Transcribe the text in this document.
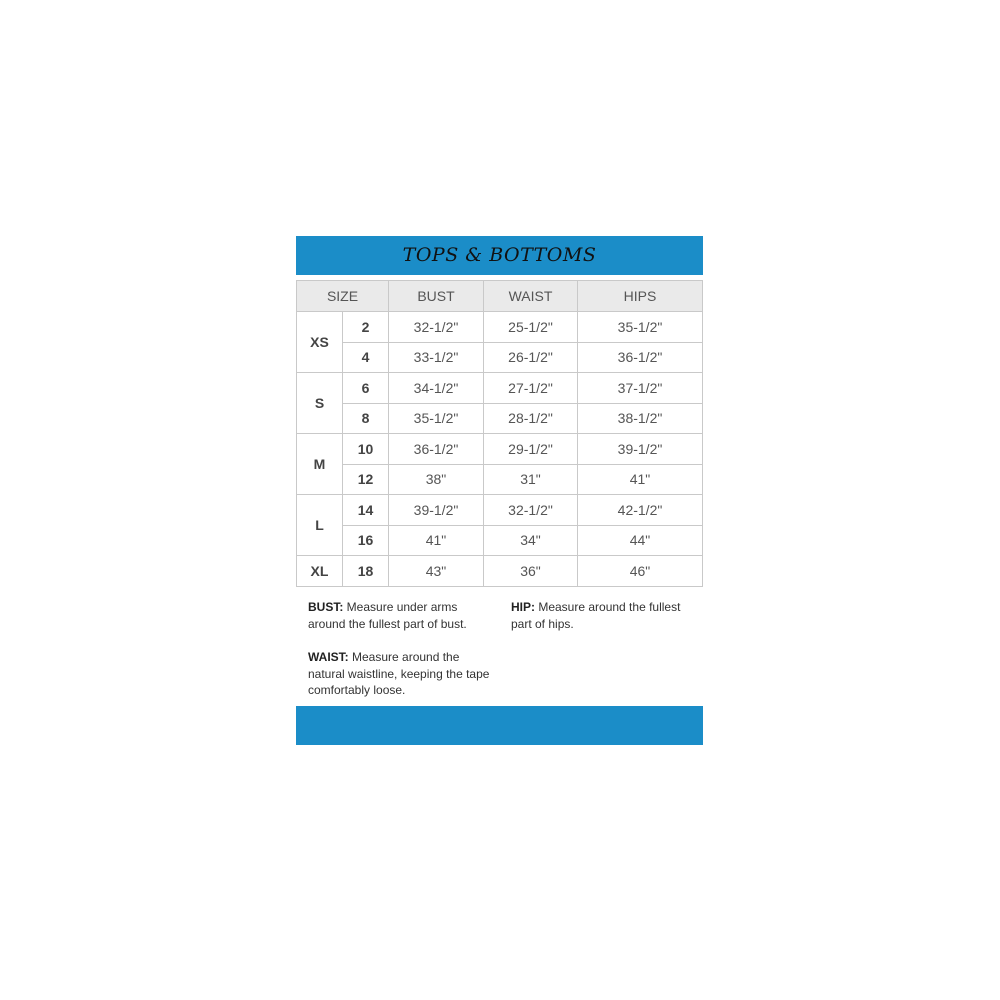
TOPS & BOTTOMS
SIZE		BUST	WAIST	HIPS
XS	2	32-1/2"	25-1/2"	35-1/2"
	4	33-1/2"	26-1/2"	36-1/2"
S	6	34-1/2"	27-1/2"	37-1/2"
	8	35-1/2"	28-1/2"	38-1/2"
M	10	36-1/2"	29-1/2"	39-1/2"
	12	38"	31"	41"
L	14	39-1/2"	32-1/2"	42-1/2"
	16	41"	34"	44"
XL	18	43"	36"	46"

BUST: Measure under arms around the fullest part of bust.

HIP: Measure around the fullest part of hips.

WAIST: Measure around the natural waistline, keeping the tape comfortably loose.
